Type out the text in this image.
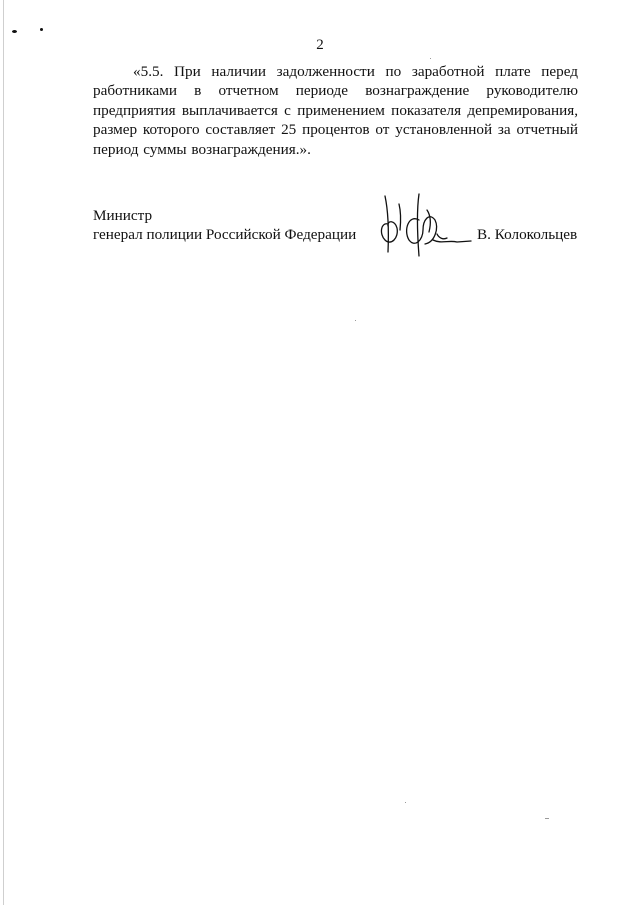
2

«5.5. При наличии задолженности по заработной плате перед работниками в отчетном периоде вознаграждение руководителю предприятия выплачивается с применением показателя депремирования, размер которого составляет 25 процентов от установленной за отчетный период суммы вознаграждения.».

Министр
генерал полиции Российской Федерации	В. Колокольцев
